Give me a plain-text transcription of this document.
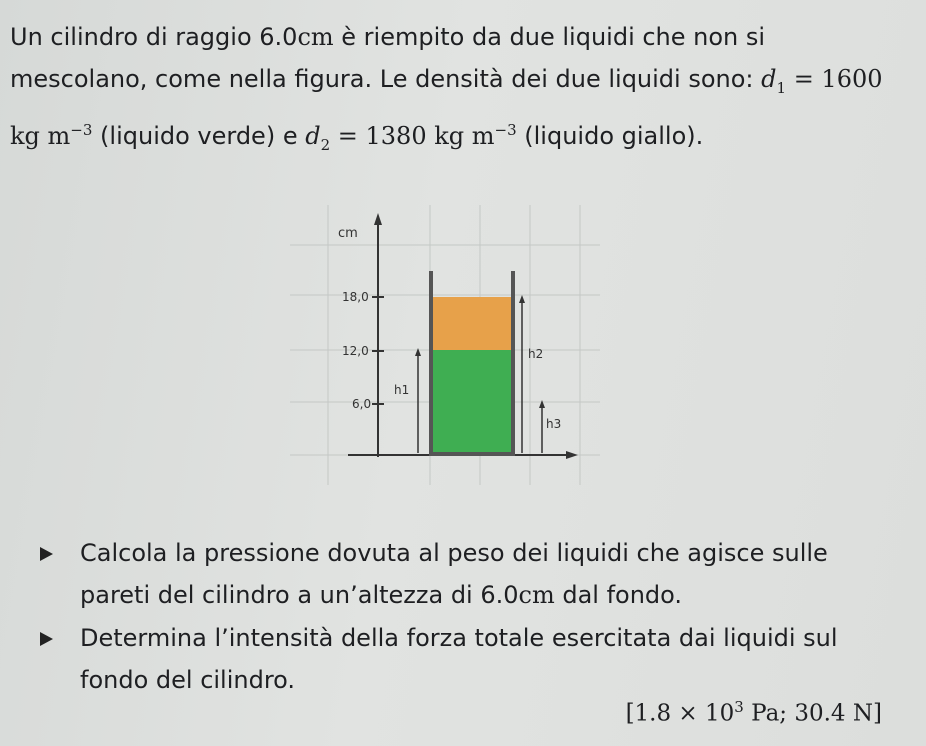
Un cilindro di raggio 6.0cm è riempito da due liquidi che non si mescolano, come nella figura. Le densità dei due liquidi sono: $d_1 = 1600$ kg $m^{-3}$ (liquido verde) e $d_2 = 1380$ kg $m^{-3}$ (liquido giallo).

cm
18,0
12,0
6,0
h1
h2
h3
Calcola la pressione dovuta al peso dei liquidi che agisce sulle pareti del cilindro a un’altezza di 6.0cm dal fondo.
Determina l’intensità della forza totale esercitata dai liquidi sul fondo del cilindro.
[$1.8 \times 10^3$ Pa; 30.4 N]
